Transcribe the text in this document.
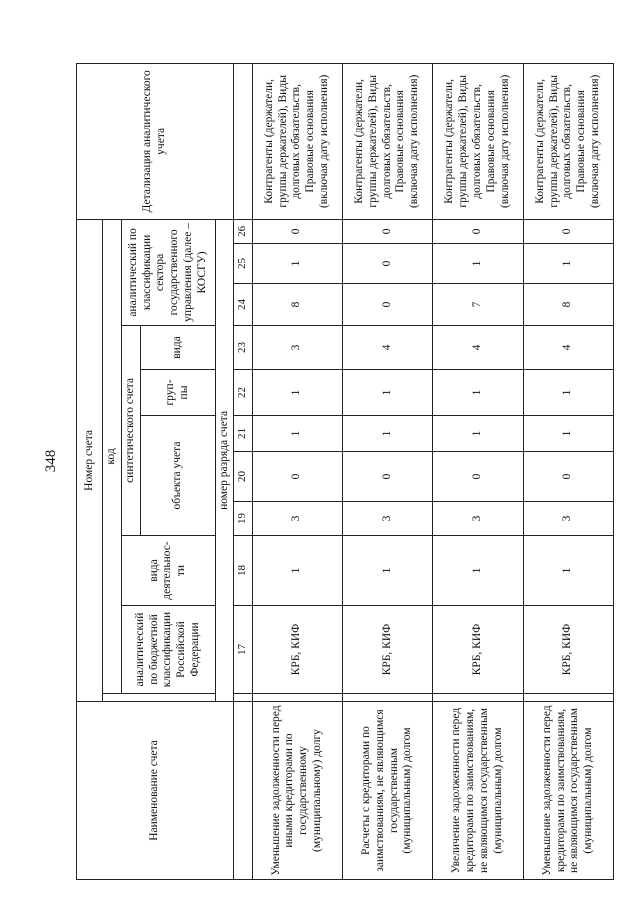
348
Наименование счета	Номер счета											Детализация аналитического учета
		код										
		аналитический по бюджетной классификации Российской Федерации	вида деятельнос-ти	синтетического счета					аналитический по классификации сектора государственного управления (далее – КОСГУ)			
				объекта учета			груп-пы	вида				

	номер разряда счета											
		17	18	19	20	21	22	23	24	25	26	
Уменьшение задолженности перед иными кредиторами по государственному (муниципальному) долгу		КРБ, КИФ	1	3	0	1	1	3	8	1	0	Контрагенты (держатели, группы держателей), Виды долговых обязательств, Правовые основания (включая дату исполнения)
Расчеты с кредиторами по заимствованиям, не являющимся государственным (муниципальным) долгом		КРБ, КИФ	1	3	0	1	1	4	0	0	0	Контрагенты (держатели, группы держателей), Виды долговых обязательств, Правовые основания (включая дату исполнения)
Увеличение задолженности перед кредиторами по заимствованиям, не являющимся государственным (муниципальным) долгом		КРБ, КИФ	1	3	0	1	1	4	7	1	0	Контрагенты (держатели, группы держателей), Виды долговых обязательств, Правовые основания (включая дату исполнения)
Уменьшение задолженности перед кредиторами по заимствованиям, не являющимся государственным (муниципальным) долгом		КРБ, КИФ	1	3	0	1	1	4	8	1	0	Контрагенты (держатели, группы держателей), Виды долговых обязательств, Правовые основания (включая дату исполнения)
